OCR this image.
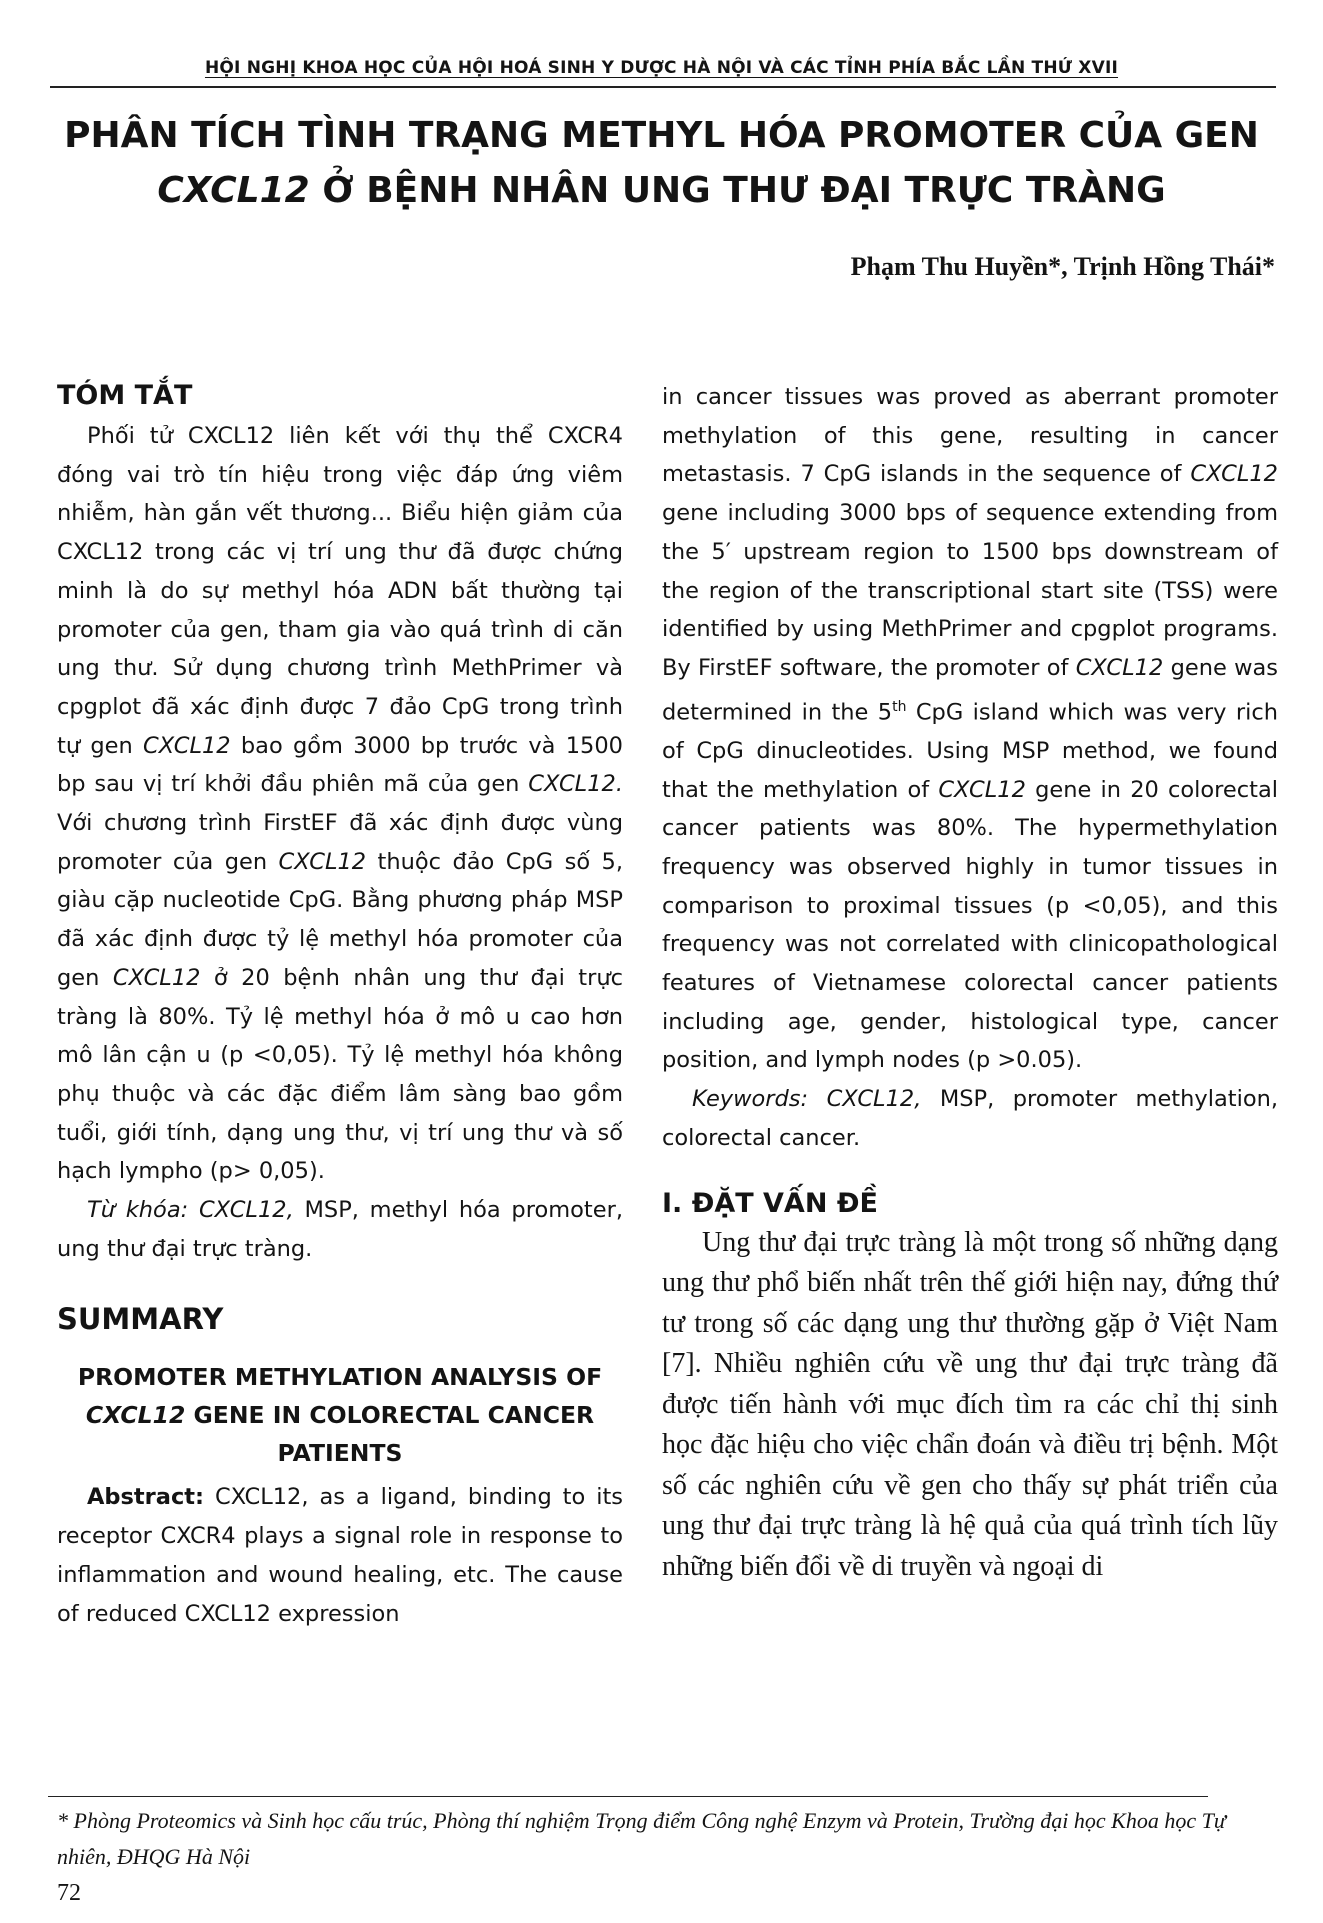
HỘI NGHỊ KHOA HỌC CỦA HỘI HOÁ SINH Y DƯỢC HÀ NỘI VÀ CÁC TỈNH PHÍA BẮC LẦN THỨ XVII
PHÂN TÍCH TÌNH TRẠNG METHYL HÓA PROMOTER CỦA GEN
CXCL12 Ở BỆNH NHÂN UNG THƯ ĐẠI TRỰC TRÀNG
Phạm Thu Huyền*, Trịnh Hồng Thái*
TÓM TẮT

Phối tử CXCL12 liên kết với thụ thể CXCR4 đóng vai trò tín hiệu trong việc đáp ứng viêm nhiễm, hàn gắn vết thương... Biểu hiện giảm của CXCL12 trong các vị trí ung thư đã được chứng minh là do sự methyl hóa ADN bất thường tại promoter của gen, tham gia vào quá trình di căn ung thư. Sử dụng chương trình MethPrimer và cpgplot đã xác định được 7 đảo CpG trong trình tự gen CXCL12 bao gồm 3000 bp trước và 1500 bp sau vị trí khởi đầu phiên mã của gen CXCL12. Với chương trình FirstEF đã xác định được vùng promoter của gen CXCL12 thuộc đảo CpG số 5, giàu cặp nucleotide CpG. Bằng phương pháp MSP đã xác định được tỷ lệ methyl hóa promoter của gen CXCL12 ở 20 bệnh nhân ung thư đại trực tràng là 80%. Tỷ lệ methyl hóa ở mô u cao hơn mô lân cận u (p <0,05). Tỷ lệ methyl hóa không phụ thuộc và các đặc điểm lâm sàng bao gồm tuổi, giới tính, dạng ung thư, vị trí ung thư và số hạch lympho (p> 0,05).

Từ khóa: CXCL12, MSP, methyl hóa promoter, ung thư đại trực tràng.

SUMMARY

PROMOTER METHYLATION ANALYSIS OF

CXCL12 GENE IN COLORECTAL CANCER PATIENTS

Abstract: CXCL12, as a ligand, binding to its receptor CXCR4 plays a signal role in response to inflammation and wound healing, etc. The cause of reduced CXCL12 expression

in cancer tissues was proved as aberrant promoter methylation of this gene, resulting in cancer metastasis. 7 CpG islands in the sequence of CXCL12 gene including 3000 bps of sequence extending from the 5′ upstream region to 1500 bps downstream of the region of the transcriptional start site (TSS) were identified by using MethPrimer and cpgplot programs. By FirstEF software, the promoter of CXCL12 gene was determined in the 5th CpG island which was very rich of CpG dinucleotides. Using MSP method, we found that the methylation of CXCL12 gene in 20 colorectal cancer patients was 80%. The hypermethylation frequency was observed highly in tumor tissues in comparison to proximal tissues (p <0,05), and this frequency was not correlated with clinicopathological features of Vietnamese colorectal cancer patients including age, gender, histological type, cancer position, and lymph nodes (p >0.05).

Keywords: CXCL12, MSP, promoter methylation, colorectal cancer.

I. ĐẶT VẤN ĐỀ

Ung thư đại trực tràng là một trong số những dạng ung thư phổ biến nhất trên thế giới hiện nay, đứng thứ tư trong số các dạng ung thư thường gặp ở Việt Nam [7]. Nhiều nghiên cứu về ung thư đại trực tràng đã được tiến hành với mục đích tìm ra các chỉ thị sinh học đặc hiệu cho việc chẩn đoán và điều trị bệnh. Một số các nghiên cứu về gen cho thấy sự phát triển của ung thư đại trực tràng là hệ quả của quá trình tích lũy những biến đổi về di truyền và ngoại di

* Phòng Proteomics và Sinh học cấu trúc, Phòng thí nghiệm Trọng điểm Công nghệ Enzym và Protein, Trường đại học Khoa học Tự nhiên, ĐHQG Hà Nội
72
